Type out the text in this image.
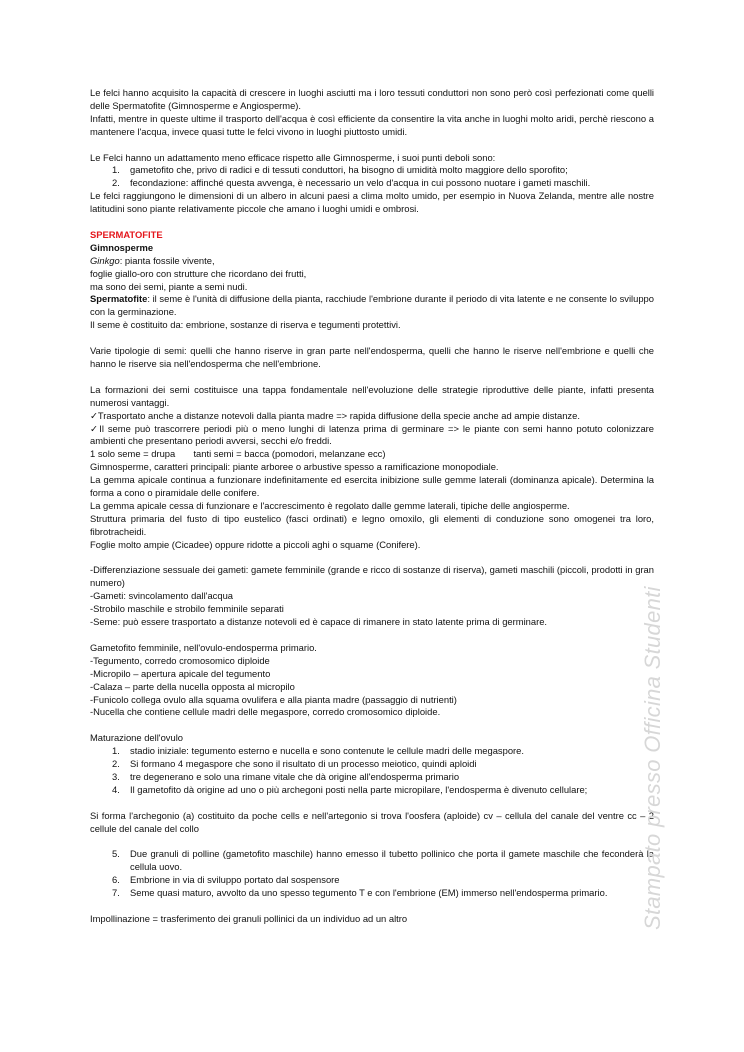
Le felci hanno acquisito la capacità di crescere in luoghi asciutti ma i loro tessuti conduttori non sono però così perfezionati come quelli delle Spermatofite (Gimnosperme e Angiosperme).

Infatti, mentre in queste ultime il trasporto dell'acqua è così efficiente da consentire la vita anche in luoghi molto aridi, perchè riescono a mantenere l'acqua, invece quasi tutte le felci vivono in luoghi piuttosto umidi.

Le Felci hanno un adattamento meno efficace rispetto alle Gimnosperme, i suoi punti deboli sono:

1. gametofito che, privo di radici e di tessuti conduttori, ha bisogno di umidità molto maggiore dello sporofito;
2. fecondazione: affinché questa avvenga, è necessario un velo d'acqua in cui possono nuotare i gameti maschili.

Le felci raggiungono le dimensioni di un albero in alcuni paesi a clima molto umido, per esempio in Nuova Zelanda, mentre alle nostre latitudini sono piante relativamente piccole che amano i luoghi umidi e ombrosi.

SPERMATOFITE

Gimnosperme

Ginkgo: pianta fossile vivente,

foglie giallo-oro con strutture che ricordano dei frutti,

ma sono dei semi, piante a semi nudi.

Spermatofite: il seme è l'unità di diffusione della pianta, racchiude l'embrione durante il periodo di vita latente e ne consente lo sviluppo con la germinazione.

Il seme è costituito da: embrione, sostanze di riserva e tegumenti protettivi.

Varie tipologie di semi: quelli che hanno riserve in gran parte nell'endosperma, quelli che hanno le riserve nell'embrione e quelli che hanno le riserve sia nell'endosperma che nell'embrione.

La formazioni dei semi costituisce una tappa fondamentale nell'evoluzione delle strategie riproduttive delle piante, infatti presenta numerosi vantaggi.

✓Trasportato anche a distanze notevoli dalla pianta madre => rapida diffusione della specie anche ad ampie distanze.

✓Il seme può trascorrere periodi più o meno lunghi di latenza prima di germinare => le piante con semi hanno potuto colonizzare ambienti che presentano periodi avversi, secchi e/o freddi.

1 solo seme = drupa       tanti semi = bacca (pomodori, melanzane ecc)

Gimnosperme, caratteri principali: piante arboree o arbustive spesso a ramificazione monopodiale.

La gemma apicale continua a funzionare indefinitamente ed esercita inibizione sulle gemme laterali (dominanza apicale). Determina la forma a cono o piramidale delle conifere.

La gemma apicale cessa di funzionare e l'accrescimento è regolato dalle gemme laterali, tipiche delle angiosperme.

Struttura primaria del fusto di tipo eustelico (fasci ordinati) e legno omoxilo, gli elementi di conduzione sono omogenei tra loro, fibrotracheidi.

Foglie molto ampie (Cicadee) oppure ridotte a piccoli aghi o squame (Conifere).

-Differenziazione sessuale dei gameti: gamete femminile (grande e ricco di sostanze di riserva), gameti maschili (piccoli, prodotti in gran numero)

-Gameti: svincolamento dall'acqua

-Strobilo maschile e strobilo femminile separati

-Seme: può essere trasportato a distanze notevoli ed è capace di rimanere in stato latente prima di germinare.

Gametofito femminile, nell'ovulo-endosperma primario.

-Tegumento, corredo cromosomico diploide

-Micropilo – apertura apicale del tegumento

-Calaza – parte della nucella opposta al micropilo

-Funicolo collega ovulo alla squama ovulifera e alla pianta madre (passaggio di nutrienti)

-Nucella che contiene cellule madri delle megaspore, corredo cromosomico diploide.

Maturazione dell'ovulo

1. stadio iniziale: tegumento esterno e nucella e sono contenute le cellule madri delle megaspore.
2. Si formano 4 megaspore che sono il risultato di un processo meiotico, quindi aploidi
3. tre degenerano e solo una rimane vitale che dà origine all'endosperma primario
4. Il gametofito dà origine ad uno o più archegoni posti nella parte micropilare, l'endosperma è divenuto cellulare;

Si forma l'archegonio (a) costituito da poche cells e nell'artegonio si trova l'oosfera (aploide) cv – cellula del canale del ventre cc – 2 cellule del canale del collo

5. Due granuli di polline (gametofito maschile) hanno emesso il tubetto pollinico che porta il gamete maschile che feconderà la cellula uovo.
6. Embrione in via di sviluppo portato dal sospensore
7. Seme quasi maturo, avvolto da uno spesso tegumento T e con l'embrione (EM) immerso nell'endosperma primario.

Impollinazione = trasferimento dei granuli pollinici da un individuo ad un altro	Stampato presso Officina Studenti
